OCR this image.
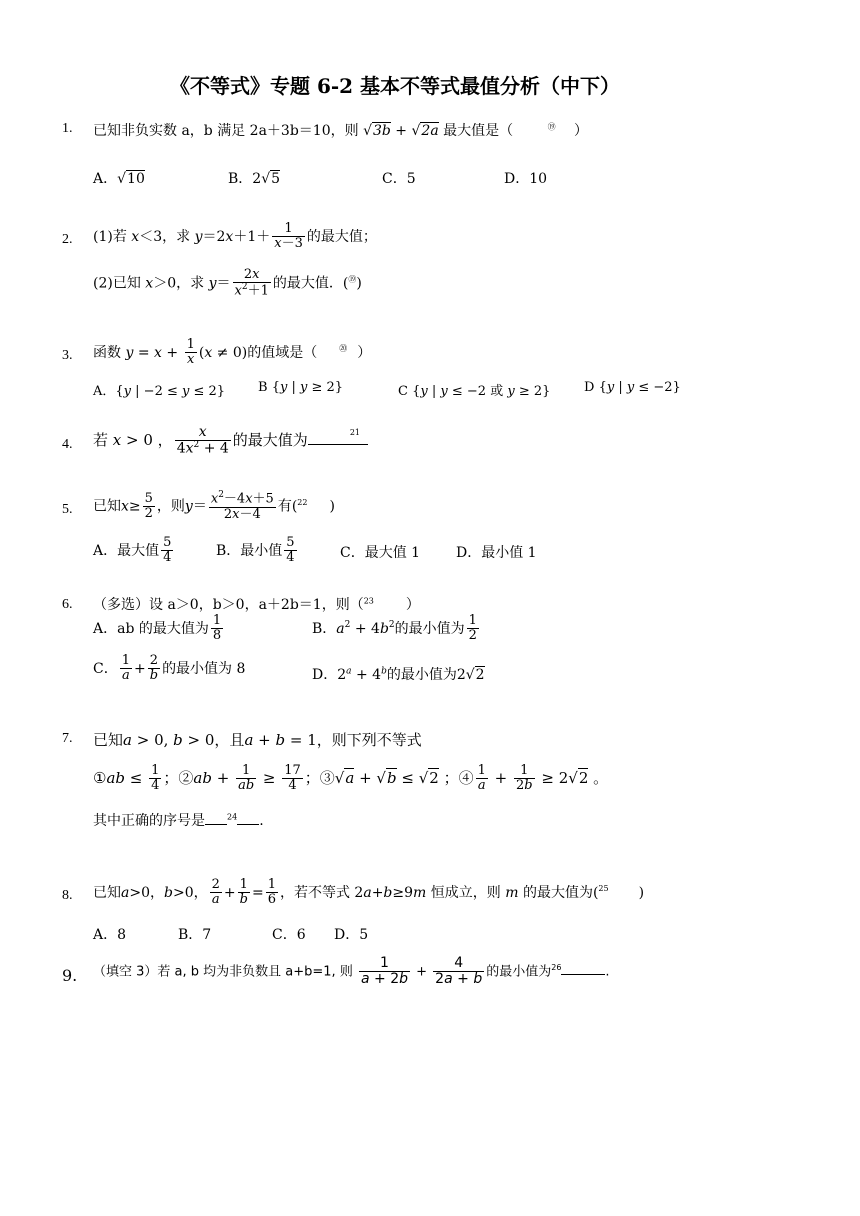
《不等式》专题 6-2 基本不等式最值分析（中下）
1. 已知非负实数 a，b 满足 2a＋3b＝10，则 √3b + √2a 最大值是（	⑲ ）
A．√10	B．2√5	C．5	D．10
2. (1)若 x＜3，求 $y=2x+1+ \frac{1}{x-3}$ 的最大值；
(2)已知 x＞0，求 $y= \frac{2x}{x^2+1}$ 的最大值．(⑲)
3. 函数 $y = x + \frac{1}{x} (x \ne 0)$的值域是（	⑳ ）
A．{y | −2 ≤ y ≤ 2}	B {y | y ≥ 2}	C {y | y ≤ −2 或 y ≥ 2}	D {y | y ≤ −2}
4. 若 x > 0 ， $\frac{x}{4x^2 + 4}$ 的最大值为	21
5. 已知$x\ge \frac{5}{2}$ ，则$y= \frac{x^2-4x+5}{2x-4}$ 有($^{22}$ )
A．最大值 $\frac{5}{4}$	B．最小值 $\frac{5}{4}$	C．最大值 1	D．最小值 1
6. （多选）设 a＞0，b＞0，a＋2b＝1，则（$^{23}$ ）
A．ab 的最大值为 $\frac{1}{8}$	B．$a^2 + 4b^2$的最小值为 $\frac{1}{2}$
C． $\frac{1}{a} + \frac{2}{b}$ 的最小值为 8	D．$2^a + 4^b$的最小值为2√2
7. 已知a > 0, b > 0，且a + b = 1，则下列不等式
①ab ≤ $\frac{1}{4}$ ；②ab + $\frac{1}{ab} \ge \frac{17}{4}$ ；③√a + √b ≤ √2 ；④ $\frac{1}{a} + \frac{1}{2b} \ge 2√2$ 。
其中正确的序号是	$^{24}$ .
8. 已知a>0，b>0， $\frac{2}{a} + \frac{1}{b} = \frac{1}{6}$ ，若不等式 2a+b≥9m 恒成立，则 m 的最大值为($^{25}$ )
A．8	B．7	C．6 D．5
9. （填空 3）若 a, b 均为非负数且 a+b=1, 则 $\frac{1}{a + 2b} + \frac{4}{2a + b}$ 的最小值为$^{26}$	.
